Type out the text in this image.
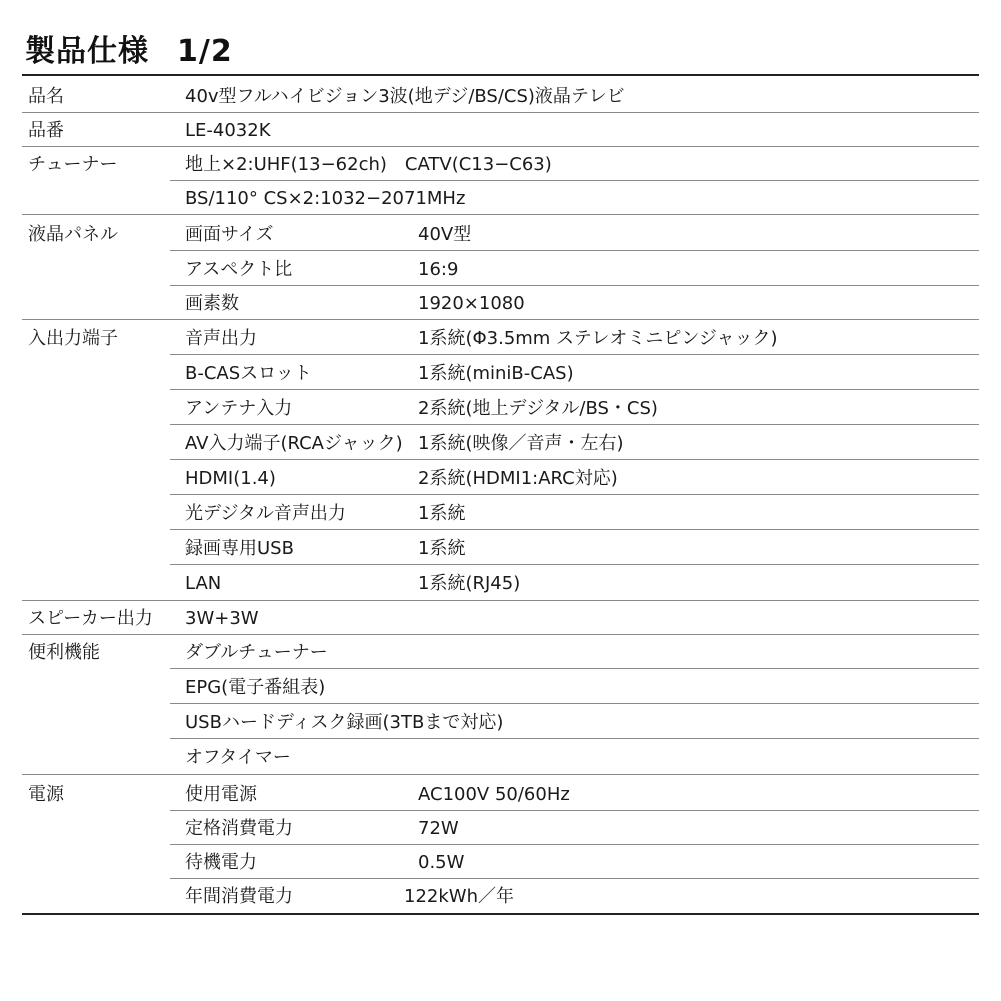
製品仕様 1/2
品名	40v型フルハイビジョン3波(地デジ/BS/CS)液晶テレビ
品番	LE-4032K
チューナー	地上×2:UHF(13−62ch)　CATV(C13−C63)
BS/110° CS×2:1032−2071MHz
液晶パネル	画面サイズ	40V型
アスペクト比	16:9
画素数	1920×1080
入出力端子	音声出力	1系統(Φ3.5mm ステレオミニピンジャック)
B-CASスロット	1系統(miniB-CAS)
アンテナ入力	2系統(地上デジタル/BS・CS)
AV入力端子(RCAジャック) 1系統(映像／音声・左右)
HDMI(1.4)	2系統(HDMI1:ARC対応)
光デジタル音声出力	1系統
録画専用USB	1系統
LAN	1系統(RJ45)
スピーカー出力 3W+3W
便利機能	ダブルチューナー
EPG(電子番組表)
USBハードディスク録画(3TBまで対応)
オフタイマー
電源	使用電源	AC100V 50/60Hz
定格消費電力	72W
待機電力	0.5W
年間消費電力	122kWh／年
